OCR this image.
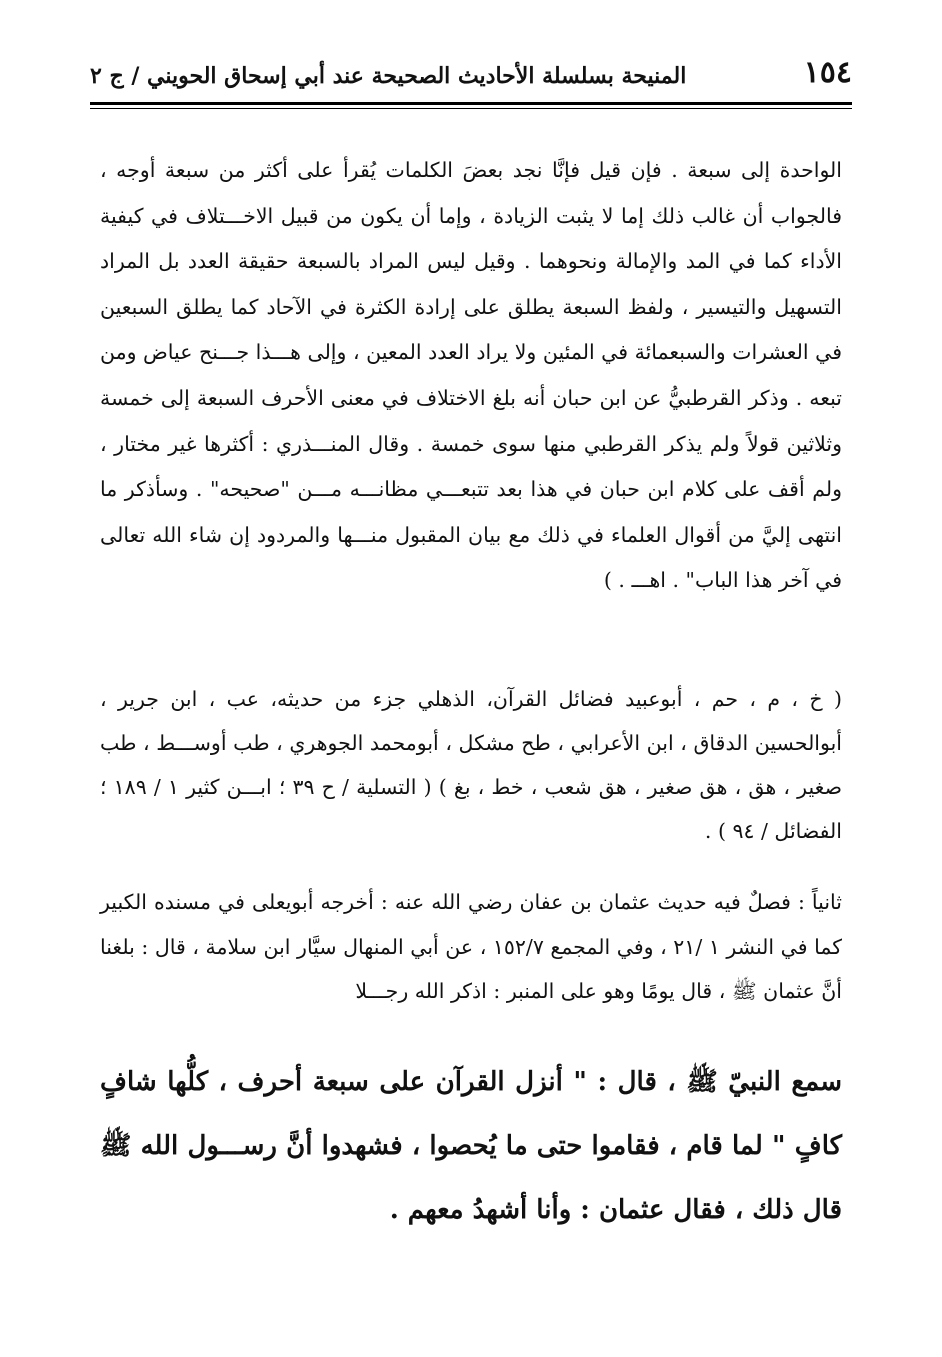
١٥٤
المنيحة بسلسلة الأحاديث الصحيحة عند أبي إسحاق الحويني / ج ٢

الواحدة إلى سبعة . فإن قيل فإنَّا نجد بعضَ الكلمات يُقرأ على أكثر من سبعة أوجه ، فالجواب أن غالب ذلك إما لا يثبت الزيادة ، وإما أن يكون من قبيل الاخـــتلاف في كيفية الأداء كما في المد والإمالة ونحوهما . وقيل ليس المراد بالسبعة حقيقة العدد بل المراد التسهيل والتيسير ، ولفظ السبعة يطلق على إرادة الكثرة في الآحاد كما يطلق السبعين في العشرات والسبعمائة في المئين ولا يراد العدد المعين ، وإلى هـــذا جـــنح عياض ومن تبعه . وذكر القرطبيُّ عن ابن حبان أنه بلغ الاختلاف في معنى الأحرف السبعة إلى خمسة وثلاثين قولاً ولم يذكر القرطبي منها سوى خمسة . وقال المنـــذري : أكثرها غير مختار ، ولم أقف على كلام ابن حبان في هذا بعد تتبعـــي مظانـــه مـــن "صحيحه" . وسأذكر ما انتهى إليَّ من أقوال العلماء في ذلك مع بيان المقبول منـــها والمردود إن شاء الله تعالى في آخر هذا الباب" . اهـــ . )

( خ ، م ، حم ، أبوعبيد فضائل القرآن، الذهلي جزء من حديثه، عب ، ابن جرير ، أبوالحسين الدقاق ، ابن الأعرابي ، طح مشكل ، أبومحمد الجوهري ، طب أوســـط ، طب صغير ، هق ، هق صغير ، هق شعب ، خط ، بغ ) ( التسلية / ح ٣٩ ؛ ابـــن كثير ١ / ١٨٩ ؛ الفضائل / ٩٤ ) .

ثانياً : فصلٌ فيه حديث عثمان بن عفان رضي الله عنه : أخرجه أبويعلى في مسنده الكبير كما في النشر ١ /٢١ ، وفي المجمع ١٥٢/٧ ، عن أبي المنهال سيَّار ابن سلامة ، قال : بلغنا أنَّ عثمان ﷺ ، قال يومًا وهو على المنبر : اذكر الله رجـــلا

سمع النبيّ ﷺ ، قال : " أنزل القرآن على سبعة أحرف ، كلُّها شافٍ كافٍ " لما قام ، فقاموا حتى ما يُحصوا ، فشهدوا أنَّ رســـول الله ﷺ قال ذلك ، فقال عثمان : وأنا أشهدُ معهم .
